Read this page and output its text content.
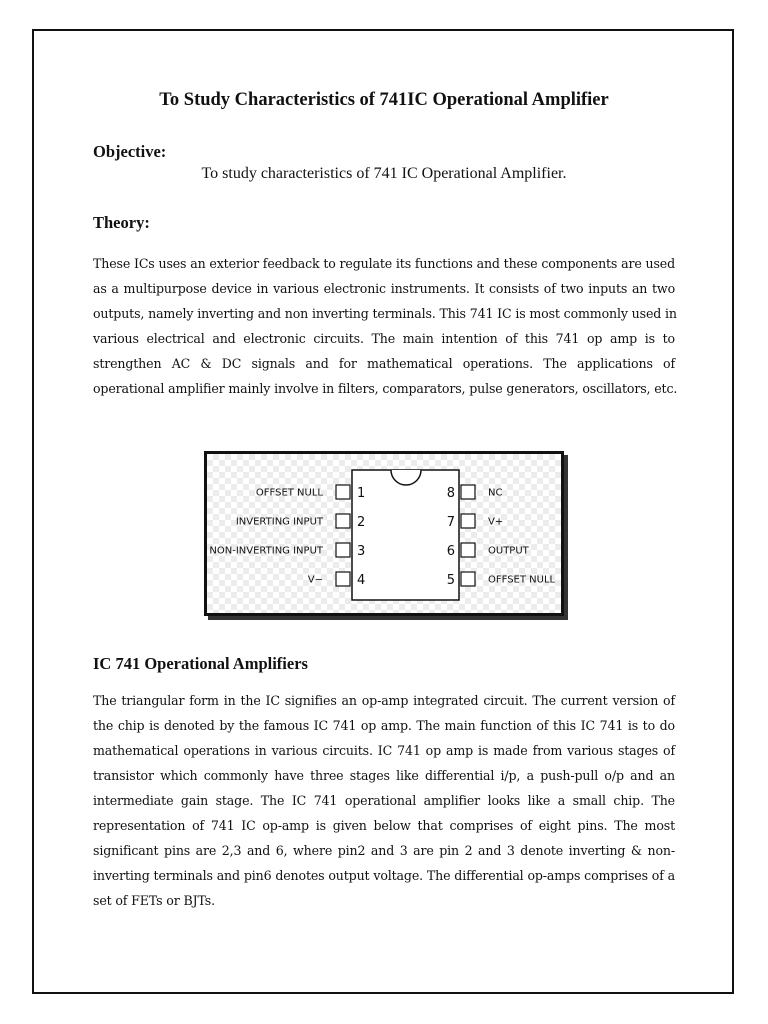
To Study Characteristics of 741IC Operational Amplifier
Objective:
To study characteristics of 741 IC Operational Amplifier.
Theory:
These ICs uses an exterior feedback to regulate its functions and these components are used
as a multipurpose device in various electronic instruments. It consists of two inputs an two
outputs, namely inverting and non inverting terminals. This 741 IC is most commonly used in
various electrical and electronic circuits. The main intention of this 741 op amp is to
strengthen AC & DC signals and for mathematical operations. The applications of
operational amplifier mainly involve in filters, comparators, pulse generators, oscillators, etc.
OFFSET NULL
INVERTING INPUT
NON-INVERTING INPUT
V−
1
2
3
4
8
7
6
5
NC
V+
OUTPUT
OFFSET NULL
IC 741 Operational Amplifiers
The triangular form in the IC signifies an op-amp integrated circuit. The current version of
the chip is denoted by the famous IC 741 op amp. The main function of this IC 741 is to do
mathematical operations in various circuits. IC 741 op amp is made from various stages of
transistor which commonly have three stages like differential i/p, a push-pull o/p and an
intermediate gain stage. The IC 741 operational amplifier looks like a small chip. The
representation of 741 IC op-amp is given below that comprises of eight pins. The most
significant pins are 2,3 and 6, where pin2 and 3 are pin 2 and 3 denote inverting & non-
inverting terminals and pin6 denotes output voltage. The differential op-amps comprises of a
set of FETs or BJTs.
